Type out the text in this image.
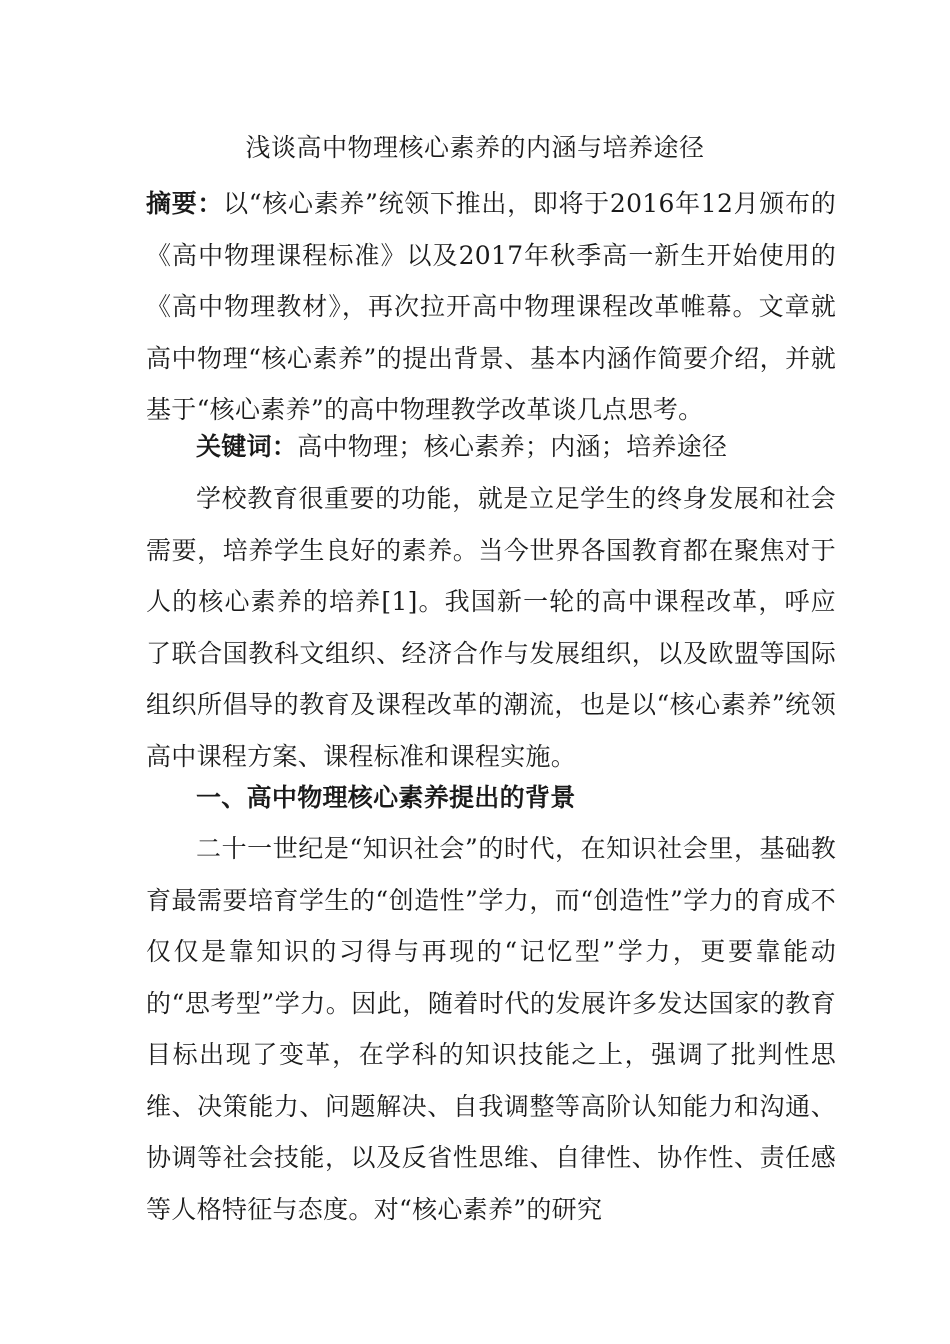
浅谈高中物理核心素养的内涵与培养途径

摘要：以“核心素养”统领下推出，即将于2016年12月颁布的《高中物理课程标准》以及2017年秋季高一新生开始使用的《高中物理教材》，再次拉开高中物理课程改革帷幕。文章就高中物理“核心素养”的提出背景、基本内涵作简要介绍，并就基于“核心素养”的高中物理教学改革谈几点思考。

关键词：高中物理；核心素养；内涵；培养途径

学校教育很重要的功能，就是立足学生的终身发展和社会需要，培养学生良好的素养。当今世界各国教育都在聚焦对于人的核心素养的培养[1]。我国新一轮的高中课程改革，呼应了联合国教科文组织、经济合作与发展组织，以及欧盟等国际组织所倡导的教育及课程改革的潮流，也是以“核心素养”统领高中课程方案、课程标准和课程实施。

一、高中物理核心素养提出的背景

二十一世纪是“知识社会”的时代，在知识社会里，基础教育最需要培育学生的“创造性”学力，而“创造性”学力的育成不仅仅是靠知识的习得与再现的“记忆型”学力，更要靠能动的“思考型”学力。因此，随着时代的发展许多发达国家的教育目标出现了变革，在学科的知识技能之上，强调了批判性思维、决策能力、问题解决、自我调整等高阶认知能力和沟通、协调等社会技能，以及反省性思维、自律性、协作性、责任感等人格特征与态度。对“核心素养”的研究
